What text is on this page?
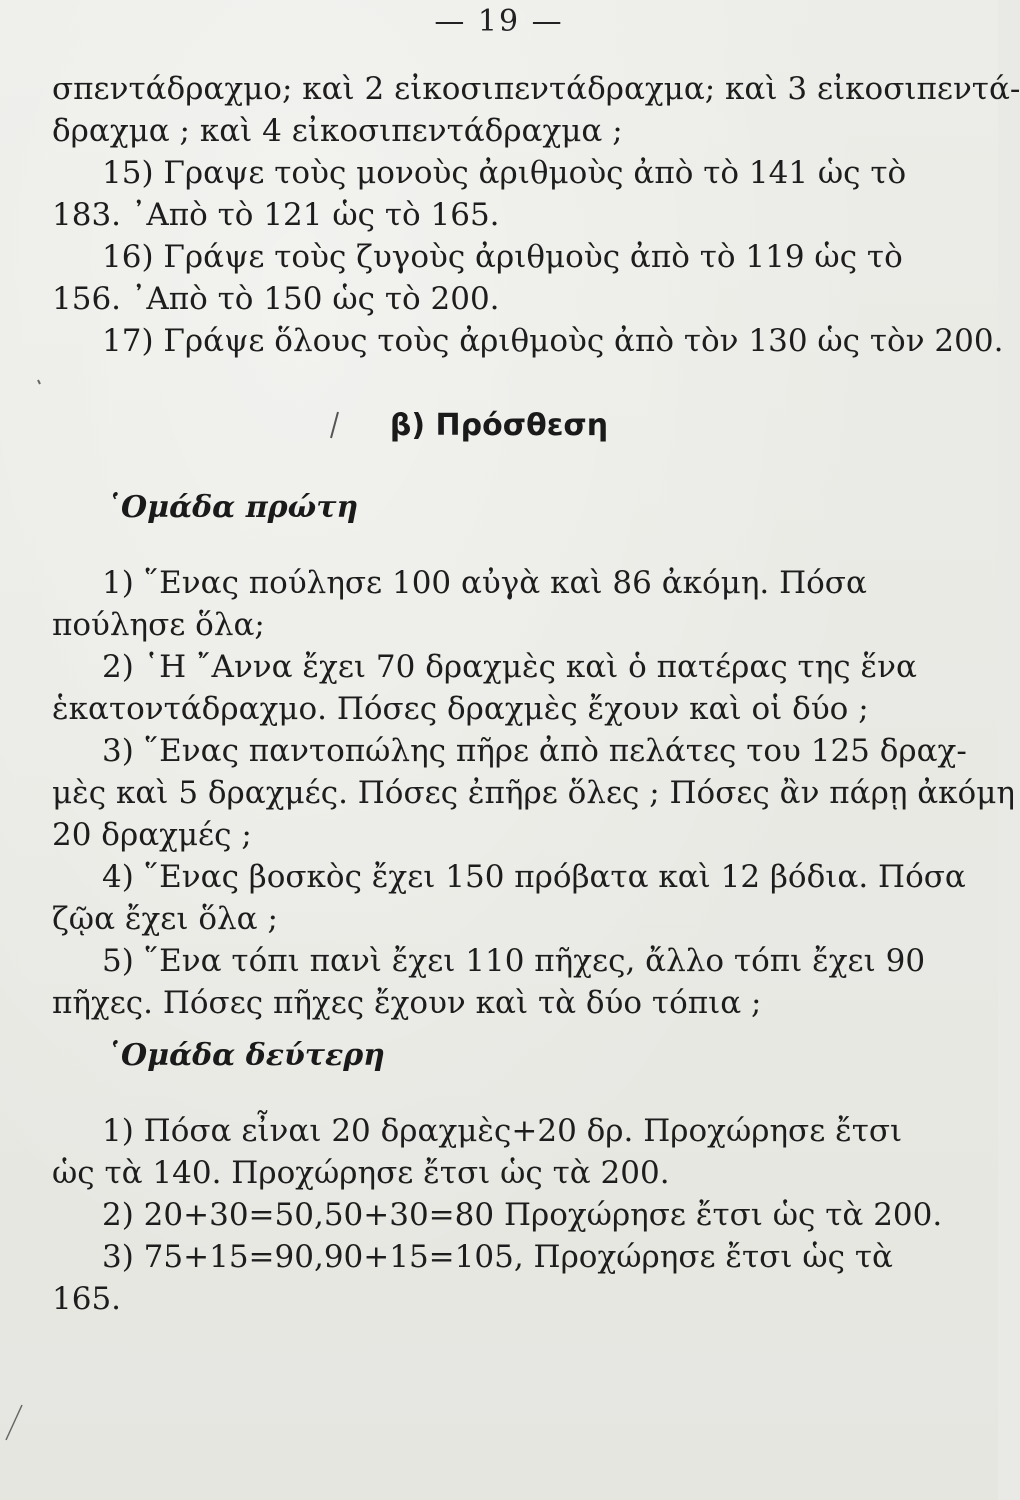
— 19 —
σπεντάδραχμο; καὶ 2 εἰκοσιπεντάδραχμα; καὶ 3 εἰκοσιπεντά-
δραχμα ; καὶ 4 εἰκοσιπεντάδραχμα ;
15) Γραψε τοὺς μονοὺς ἀριθμοὺς ἀπὸ τὸ 141 ὡς τὸ
183. ᾿Απὸ τὸ 121 ὡς τὸ 165.
16) Γράψε τοὺς ζυγοὺς ἀριθμοὺς ἀπὸ τὸ 119 ὡς τὸ
156. ᾿Απὸ τὸ 150 ὡς τὸ 200.
17) Γράψε ὅλους τοὺς ἀριθμοὺς ἀπὸ τὸν 130 ὡς τὸν 200.
β) Πρόσθεση
῾Ομάδα πρώτη
1) ῞Ενας πούλησε 100 αὐγὰ καὶ 86 ἀκόμη. Πόσα
πούλησε ὅλα;
2) ῾Η ῎Αννα ἔχει 70 δραχμὲς καὶ ὁ πατέρας της ἕνα
ἑκατοντάδραχμο. Πόσες δραχμὲς ἔχουν καὶ οἱ δύο ;
3) ῞Ενας παντοπώλης πῆρε ἀπὸ πελάτες του 125 δραχ-
μὲς καὶ 5 δραχμές. Πόσες ἐπῆρε ὅλες ; Πόσες ἂν πάρῃ ἀκόμη
20 δραχμές ;
4) ῞Ενας βοσκὸς ἔχει 150 πρόβατα καὶ 12 βόδια. Πόσα
ζῷα ἔχει ὅλα ;
5) ῞Ενα τόπι πανὶ ἔχει 110 πῆχες, ἄλλο τόπι ἔχει 90
πῆχες. Πόσες πῆχες ἔχουν καὶ τὰ δύο τόπια ;
῾Ομάδα δεύτερη
1) Πόσα εἶναι 20 δραχμὲς+20 δρ. Προχώρησε ἔτσι
ὡς τὰ 140. Προχώρησε ἔτσι ὡς τὰ 200.
2) 20+30=50,50+30=80 Προχώρησε ἔτσι ὡς τὰ 200.
3) 75+15=90,90+15=105, Προχώρησε ἔτσι ὡς τὰ
165.
